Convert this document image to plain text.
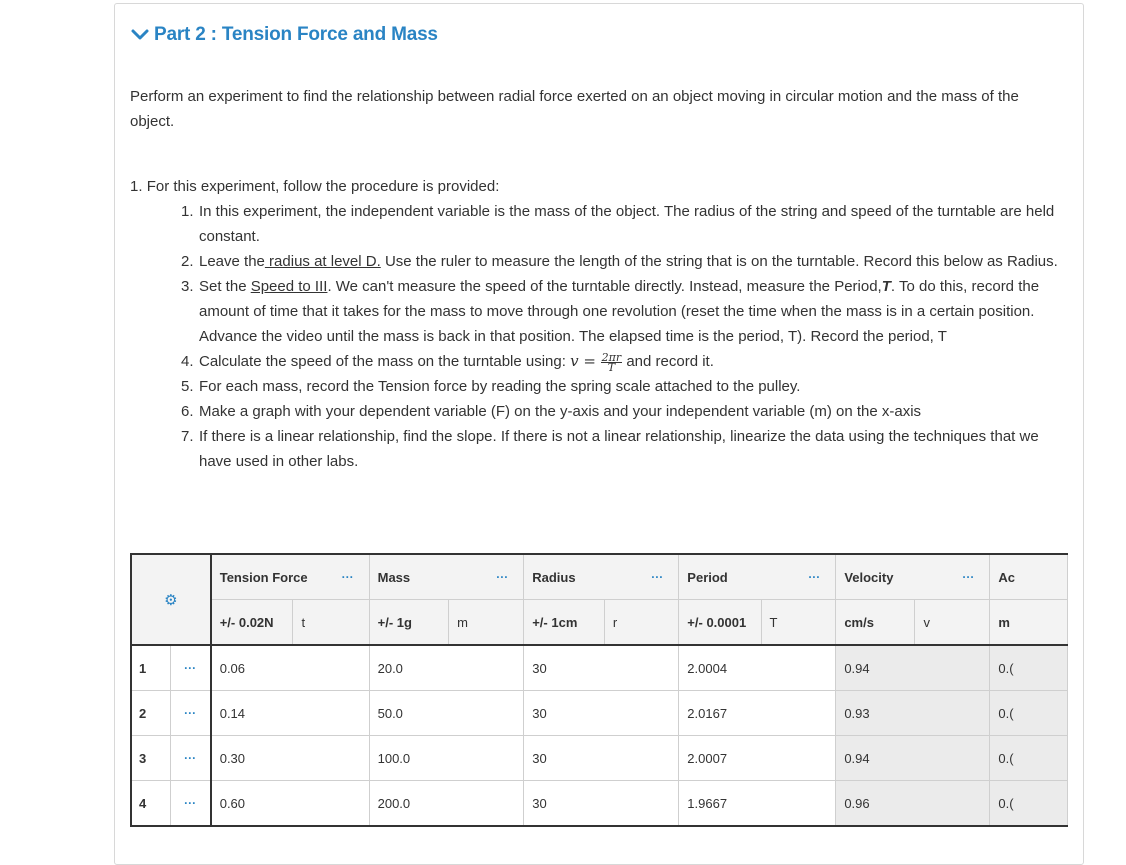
Part 2 : Tension Force and Mass
Perform an experiment to find the relationship between radial force exerted on an object moving in circular motion and the mass of the object.
1. For this experiment, follow the procedure is provided:
1. In this experiment, the independent variable is the mass of the object. The radius of the string and speed of the turntable are held constant.
2. Leave the radius at level D. Use the ruler to measure the length of the string that is on the turntable. Record this below as Radius.
3. Set the Speed to III. We can't measure the speed of the turntable directly. Instead, measure the Period,T. To do this, record the amount of time that it takes for the mass to move through one revolution (reset the time when the mass is in a certain position. Advance the video until the mass is back in that position. The elapsed time is the period, T). Record the period, T
4. Calculate the speed of the mass on the turntable using: $v = \frac{2\pi r}{T}$ and record it.
5. For each mass, record the Tension force by reading the spring scale attached to the pulley.
6. Make a graph with your dependent variable (F) on the y-axis and your independent variable (m) on the x-axis
7. If there is a linear relationship, find the slope. If there is not a linear relationship, linearize the data using the techniques that we have used in other labs.
⚙		Tension Force ···		Mass ···		Radius ···		Period ···		Velocity ···		Ac
		+/- 0.02N	t	+/- 1g	m	+/- 1cm	r	+/- 0.0001	T	cm/s	v	m
1	···	0.06		20.0		30		2.0004		0.94		0.(
2	···	0.14		50.0		30		2.0167		0.93		0.(
3	···	0.30		100.0		30		2.0007		0.94		0.(
4	···	0.60		200.0		30		1.9667		0.96		0.(
